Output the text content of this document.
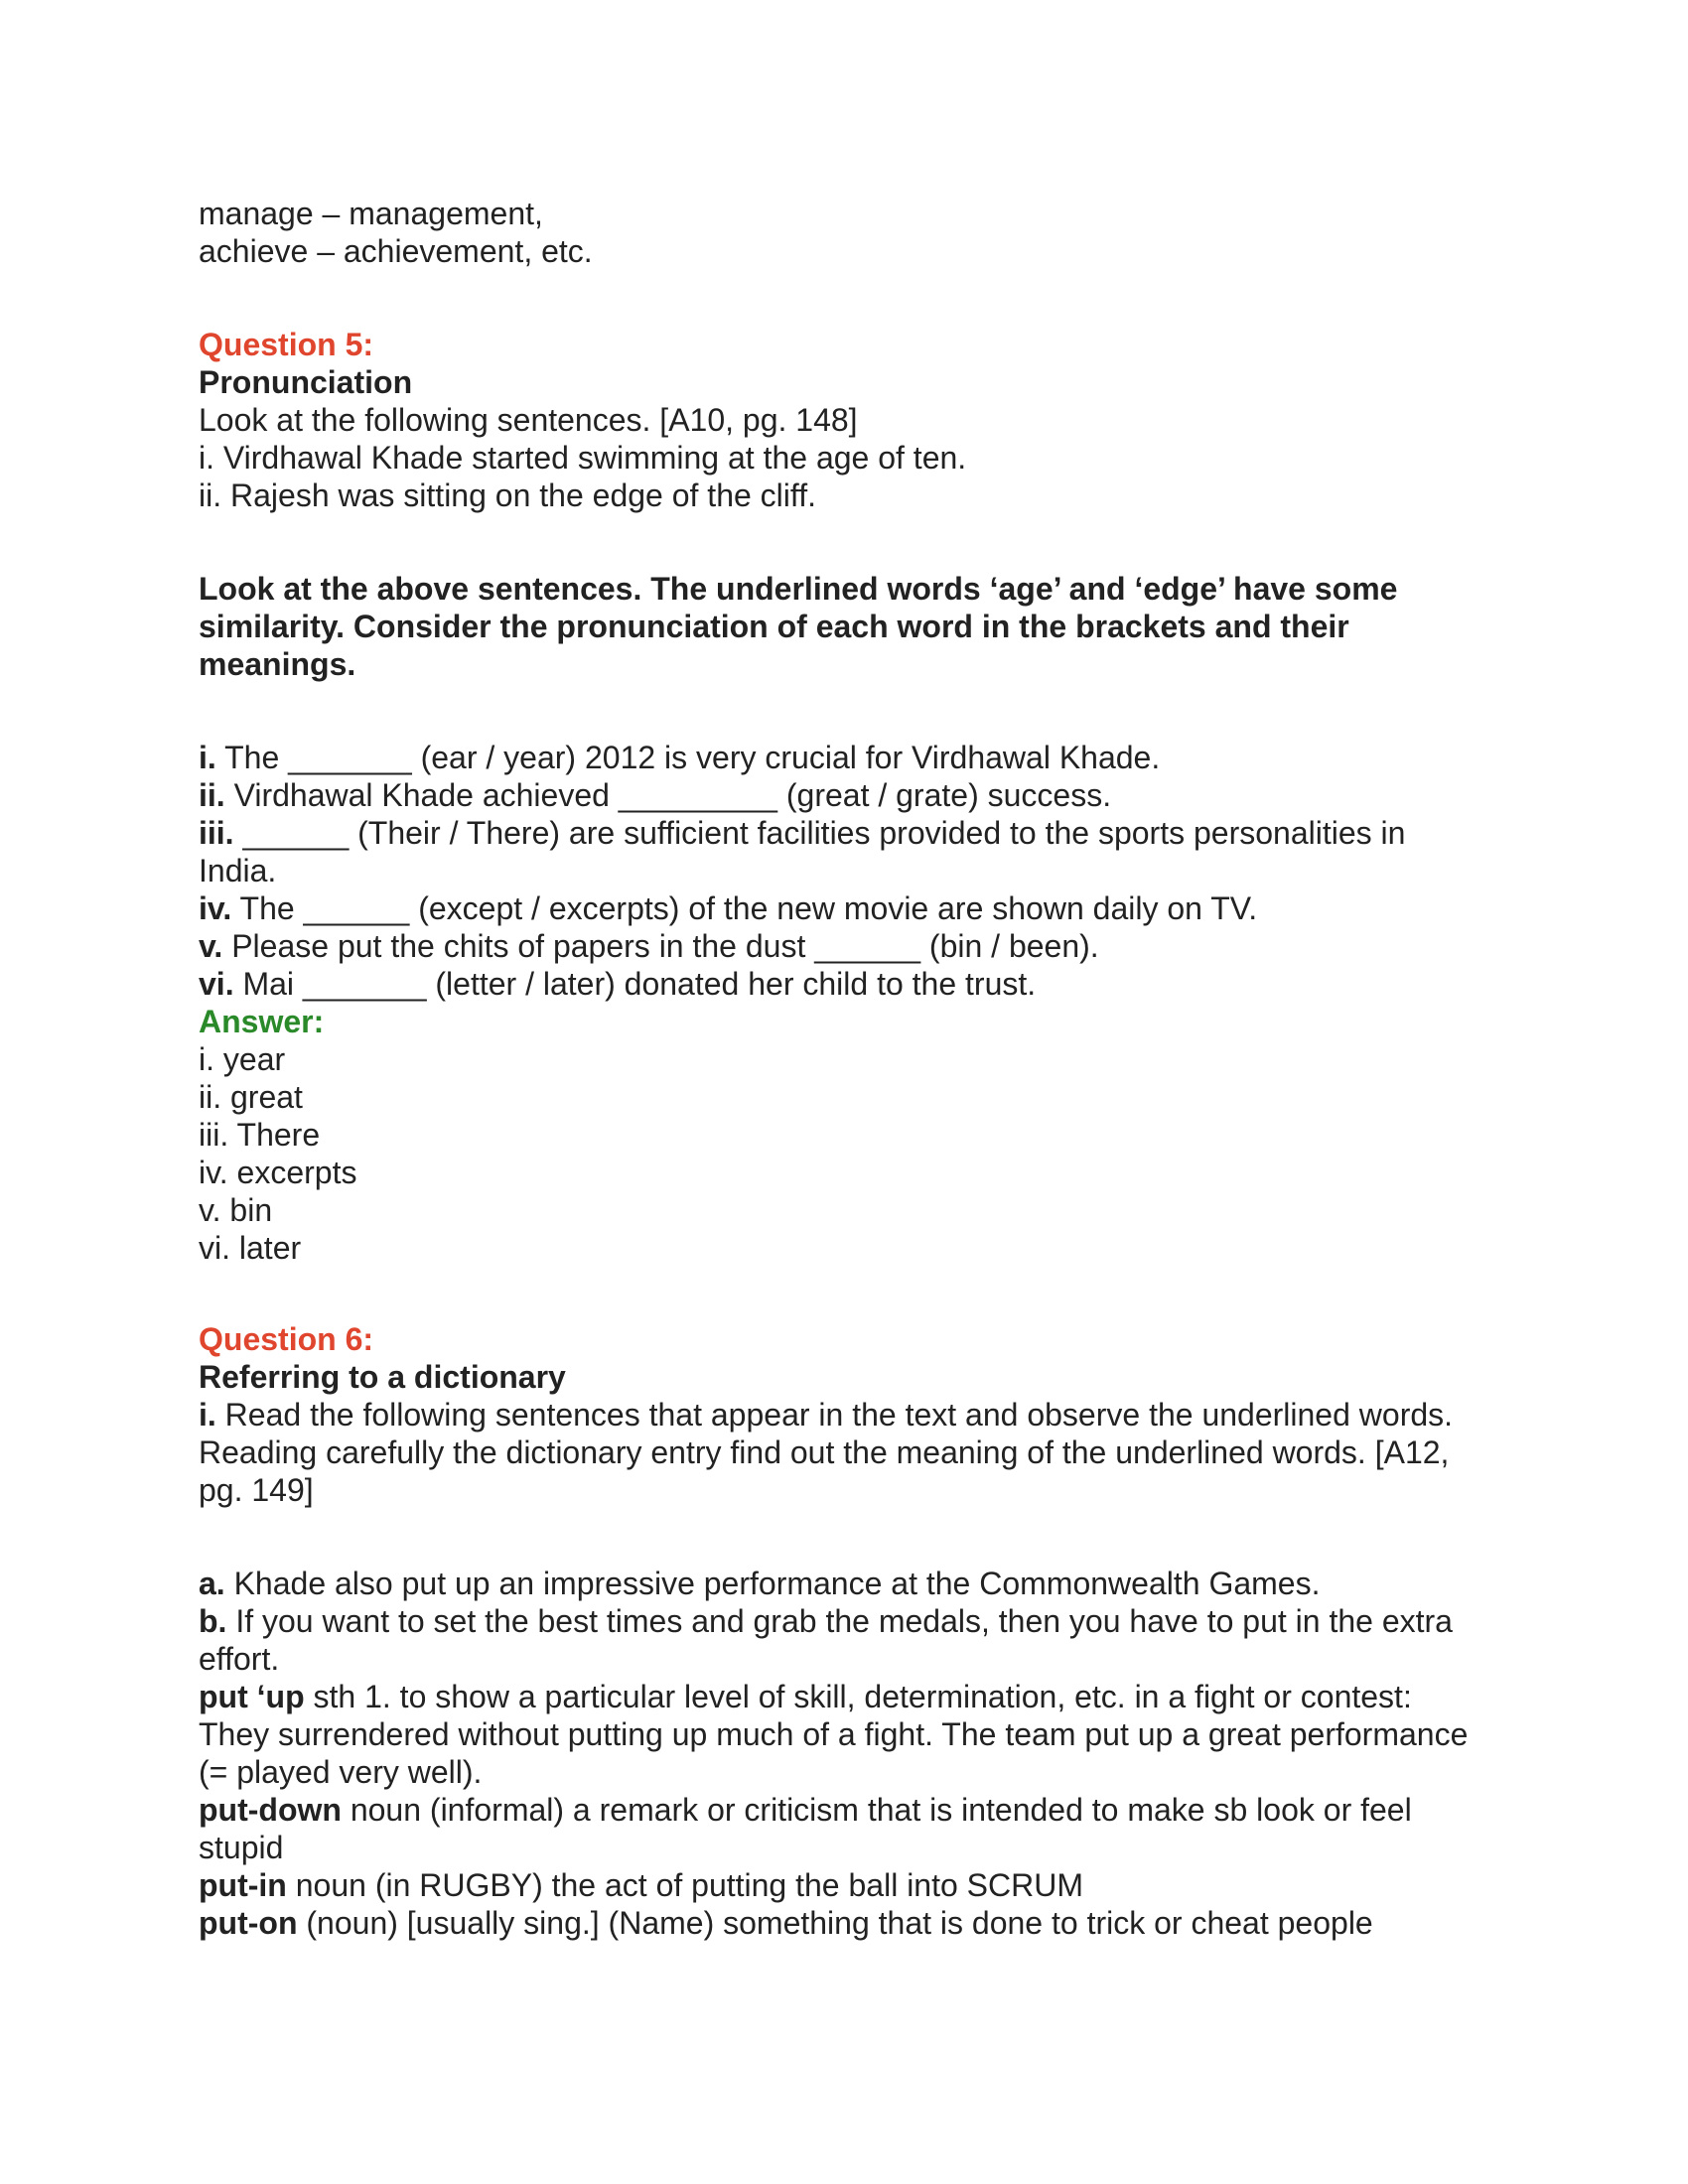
manage – management,
achieve – achievement, etc.
Question 5:
Pronunciation
Look at the following sentences. [A10, pg. 148]
i. Virdhawal Khade started swimming at the age of ten.
ii. Rajesh was sitting on the edge of the cliff.
Look at the above sentences. The underlined words ‘age’ and ‘edge’ have some similarity. Consider the pronunciation of each word in the brackets and their meanings.
i. The _______ (ear / year) 2012 is very crucial for Virdhawal Khade.
ii. Virdhawal Khade achieved _________ (great / grate) success.
iii. ______ (Their / There) are sufficient facilities provided to the sports personalities in India.
iv. The ______ (except / excerpts) of the new movie are shown daily on TV.
v. Please put the chits of papers in the dust ______ (bin / been).
vi. Mai _______ (letter / later) donated her child to the trust.
Answer:
i. year
ii. great
iii. There
iv. excerpts
v. bin
vi. later
Question 6:
Referring to a dictionary
i. Read the following sentences that appear in the text and observe the underlined words. Reading carefully the dictionary entry find out the meaning of the underlined words. [A12, pg. 149]
a. Khade also put up an impressive performance at the Commonwealth Games.
b. If you want to set the best times and grab the medals, then you have to put in the extra effort.
put ‘up sth 1. to show a particular level of skill, determination, etc. in a fight or contest: They surrendered without putting up much of a fight. The team put up a great performance (= played very well).
put-down noun (informal) a remark or criticism that is intended to make sb look or feel stupid
put-in noun (in RUGBY) the act of putting the ball into SCRUM
put-on (noun) [usually sing.] (Name) something that is done to trick or cheat people
